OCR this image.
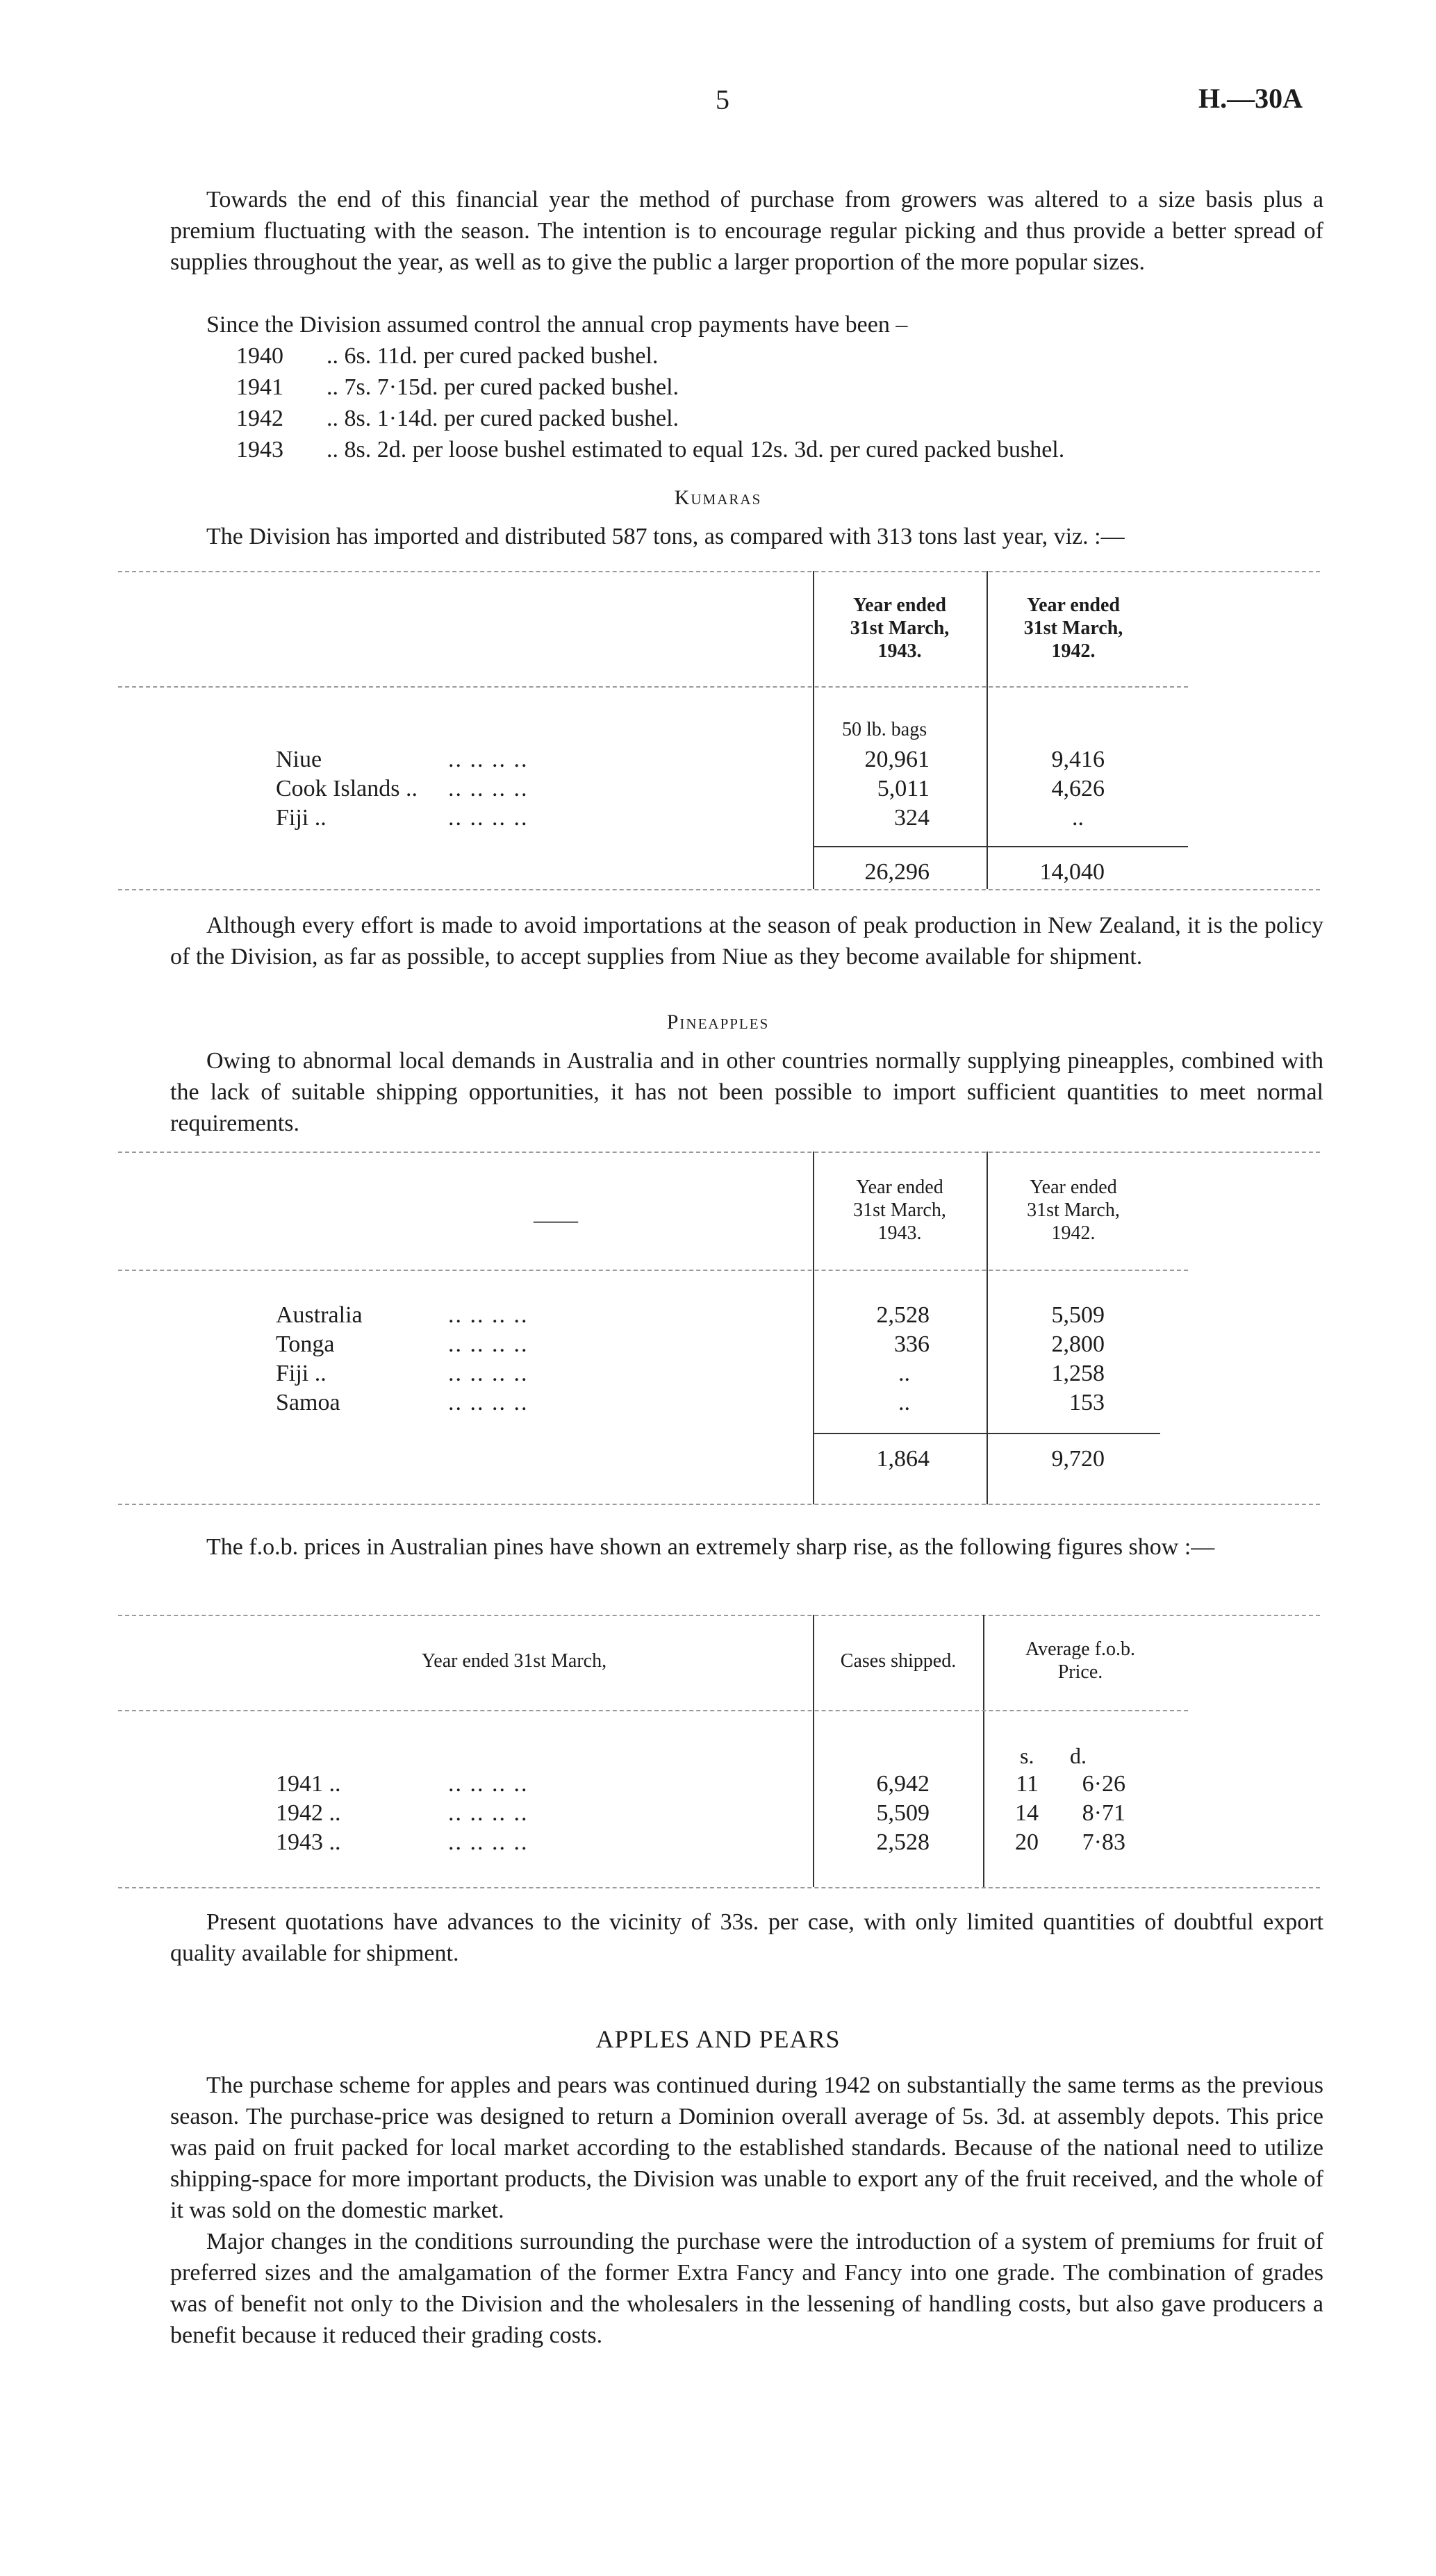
5	H.—30A
Towards the end of this financial year the method of purchase from growers was altered to a size basis plus a premium fluctuating with the season. The intention is to encourage regular picking and thus provide a better spread of supplies throughout the year, as well as to give the public a larger proportion of the more popular sizes.
Since the Division assumed control the annual crop payments have been –
1940 .. 6s. 11d. per cured packed bushel.
1941 .. 7s. 7·15d. per cured packed bushel.
1942 .. 8s. 1·14d. per cured packed bushel.
1943 .. 8s. 2d. per loose bushel estimated to equal 12s. 3d. per cured packed bushel.
Kumaras
The Division has imported and distributed 587 tons, as compared with 313 tons last year, viz. :—
Year ended
31st March,
1943.
Year ended
31st March,
1942.
50 lb. bags
Niue	.. .. .. ..	20,961	9,416
Cook Islands .. .. .. .. ..	5,011	4,626
Fiji ..	.. .. .. ..	324	..
26,296	14,040
Although every effort is made to avoid importations at the season of peak production in New Zealand, it is the policy of the Division, as far as possible, to accept supplies from Niue as they become available for shipment.
Pineapples
Owing to abnormal local demands in Australia and in other countries normally supplying pineapples, combined with the lack of suitable shipping opportunities, it has not been possible to import sufficient quantities to meet normal requirements.
——
Year ended
31st March,
1943.
Year ended
31st March,
1942.
Australia	.. .. .. ..	2,528	5,509
Tonga	.. .. .. ..	336	2,800
Fiji ..	.. .. .. ..	..	1,258
Samoa	.. .. .. ..	..	153
1,864	9,720
The f.o.b. prices in Australian pines have shown an extremely sharp rise, as the following figures show :—
Year ended 31st March,	Cases shipped.
Average f.o.b.
Price.
s. d.
1941 ..	.. .. .. ..	6,942	11	6·26
1942 ..	.. .. .. ..	5,509	14	8·71
1943 ..	.. .. .. ..	2,528	20	7·83
Present quotations have advances to the vicinity of 33s. per case, with only limited quantities of doubtful export quality available for shipment.
APPLES AND PEARS
The purchase scheme for apples and pears was continued during 1942 on substantially the same terms as the previous season. The purchase-price was designed to return a Dominion overall average of 5s. 3d. at assembly depots. This price was paid on fruit packed for local market according to the established standards. Because of the national need to utilize shipping-space for more important products, the Division was unable to export any of the fruit received, and the whole of it was sold on the domestic market.
Major changes in the conditions surrounding the purchase were the introduction of a system of premiums for fruit of preferred sizes and the amalgamation of the former Extra Fancy and Fancy into one grade. The combination of grades was of benefit not only to the Division and the wholesalers in the lessening of handling costs, but also gave producers a benefit because it reduced their grading costs.
